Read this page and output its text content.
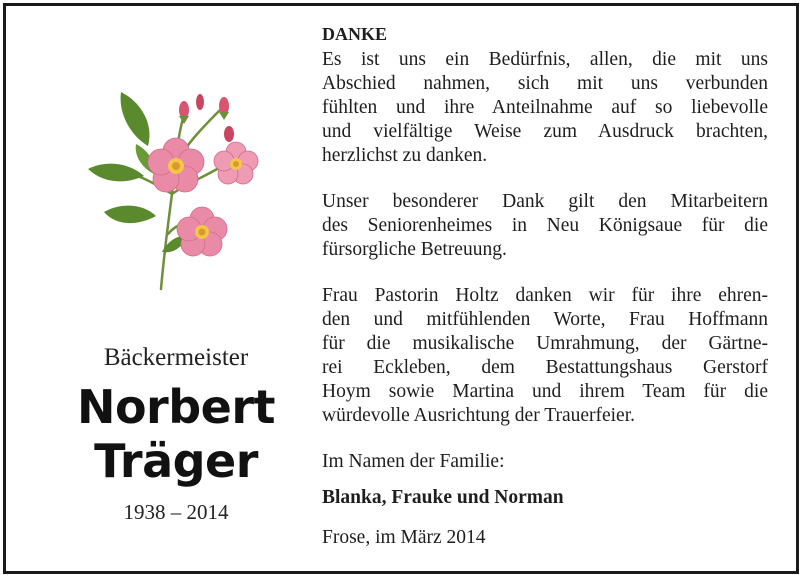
Bäckermeister
Norbert
Träger
1938 – 2014

DANKE

Es ist uns ein Bedürfnis, allen, die mit uns
Abschied nahmen, sich mit uns verbunden
fühlten und ihre Anteilnahme auf so liebevolle
und vielfältige Weise zum Ausdruck brachten,
herzlichst zu danken.

Unser besonderer Dank gilt den Mitarbeitern
des Seniorenheimes in Neu Königsaue für die
fürsorgliche Betreuung.

Frau Pastorin Holtz danken wir für ihre ehren-
den und mitfühlenden Worte, Frau Hoffmann
für die musikalische Umrahmung, der Gärtne-
rei Eckleben, dem Bestattungshaus Gerstorf
Hoym sowie Martina und ihrem Team für die
würdevolle Ausrichtung der Trauerfeier.

Im Namen der Familie:

Blanka, Frauke und Norman

Frose, im März 2014
